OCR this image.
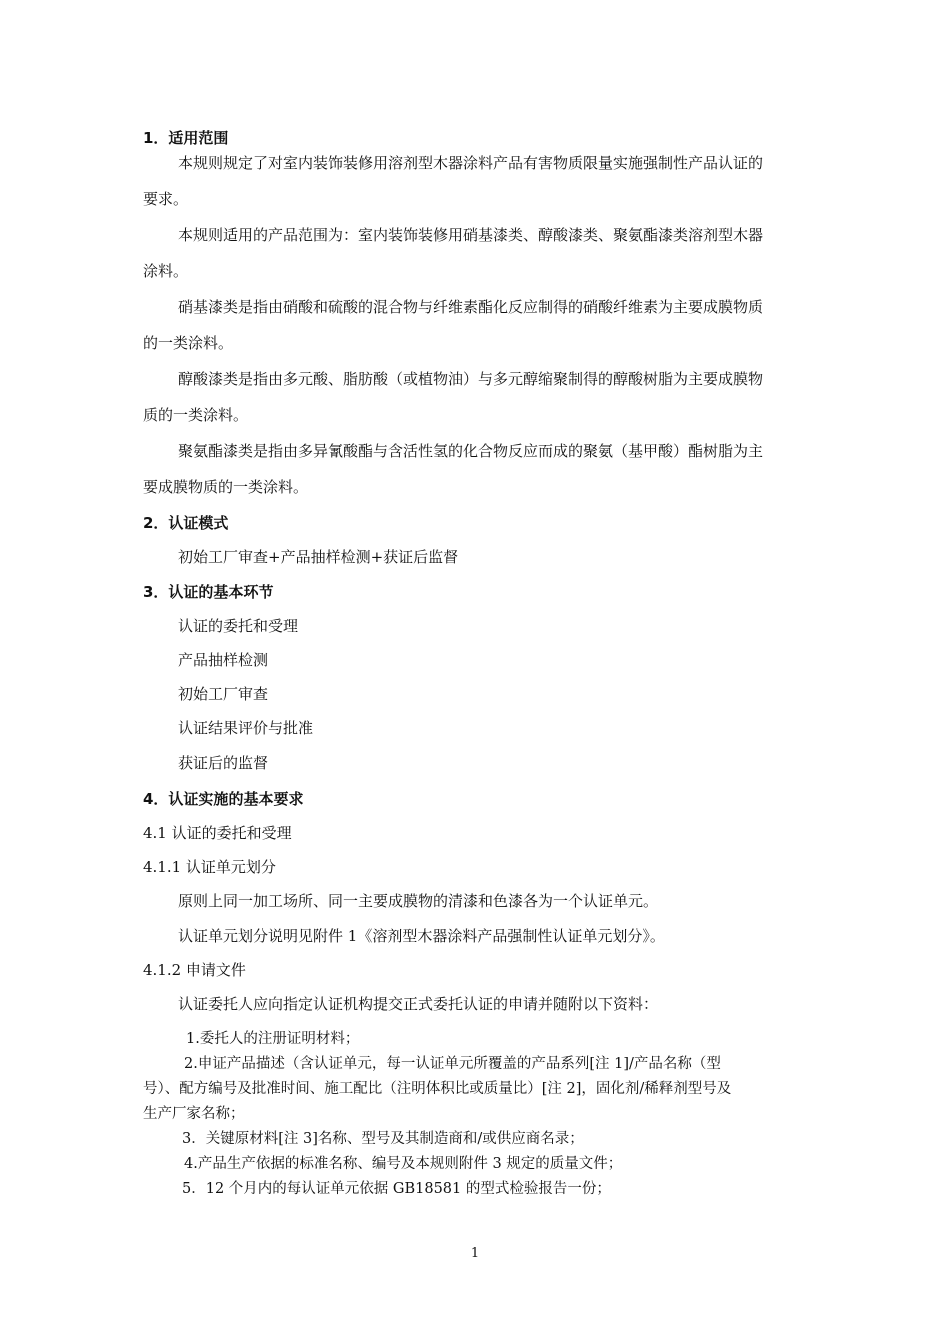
1．适用范围
本规则规定了对室内装饰装修用溶剂型木器涂料产品有害物质限量实施强制性产品认证的
要求。
本规则适用的产品范围为：室内装饰装修用硝基漆类、醇酸漆类、聚氨酯漆类溶剂型木器
涂料。
硝基漆类是指由硝酸和硫酸的混合物与纤维素酯化反应制得的硝酸纤维素为主要成膜物质
的一类涂料。
醇酸漆类是指由多元酸、脂肪酸（或植物油）与多元醇缩聚制得的醇酸树脂为主要成膜物
质的一类涂料。
聚氨酯漆类是指由多异氰酸酯与含活性氢的化合物反应而成的聚氨（基甲酸）酯树脂为主
要成膜物质的一类涂料。
2．认证模式
初始工厂审查+产品抽样检测+获证后监督
3．认证的基本环节
认证的委托和受理
产品抽样检测
初始工厂审查
认证结果评价与批准
获证后的监督
4．认证实施的基本要求
4.1 认证的委托和受理
4.1.1 认证单元划分
原则上同一加工场所、同一主要成膜物的清漆和色漆各为一个认证单元。
认证单元划分说明见附件 1《溶剂型木器涂料产品强制性认证单元划分》。
4.1.2 申请文件
认证委托人应向指定认证机构提交正式委托认证的申请并随附以下资料：
1.委托人的注册证明材料；
2.申证产品描述（含认证单元，每一认证单元所覆盖的产品系列[注 1]/产品名称（型
号）、配方编号及批准时间、施工配比（注明体积比或质量比）[注 2]，固化剂/稀释剂型号及
生产厂家名称；
3．关键原材料[注 3]名称、型号及其制造商和/或供应商名录；
4.产品生产依据的标准名称、编号及本规则附件 3 规定的质量文件；
5．12 个月内的每认证单元依据 GB18581 的型式检验报告一份；
1
